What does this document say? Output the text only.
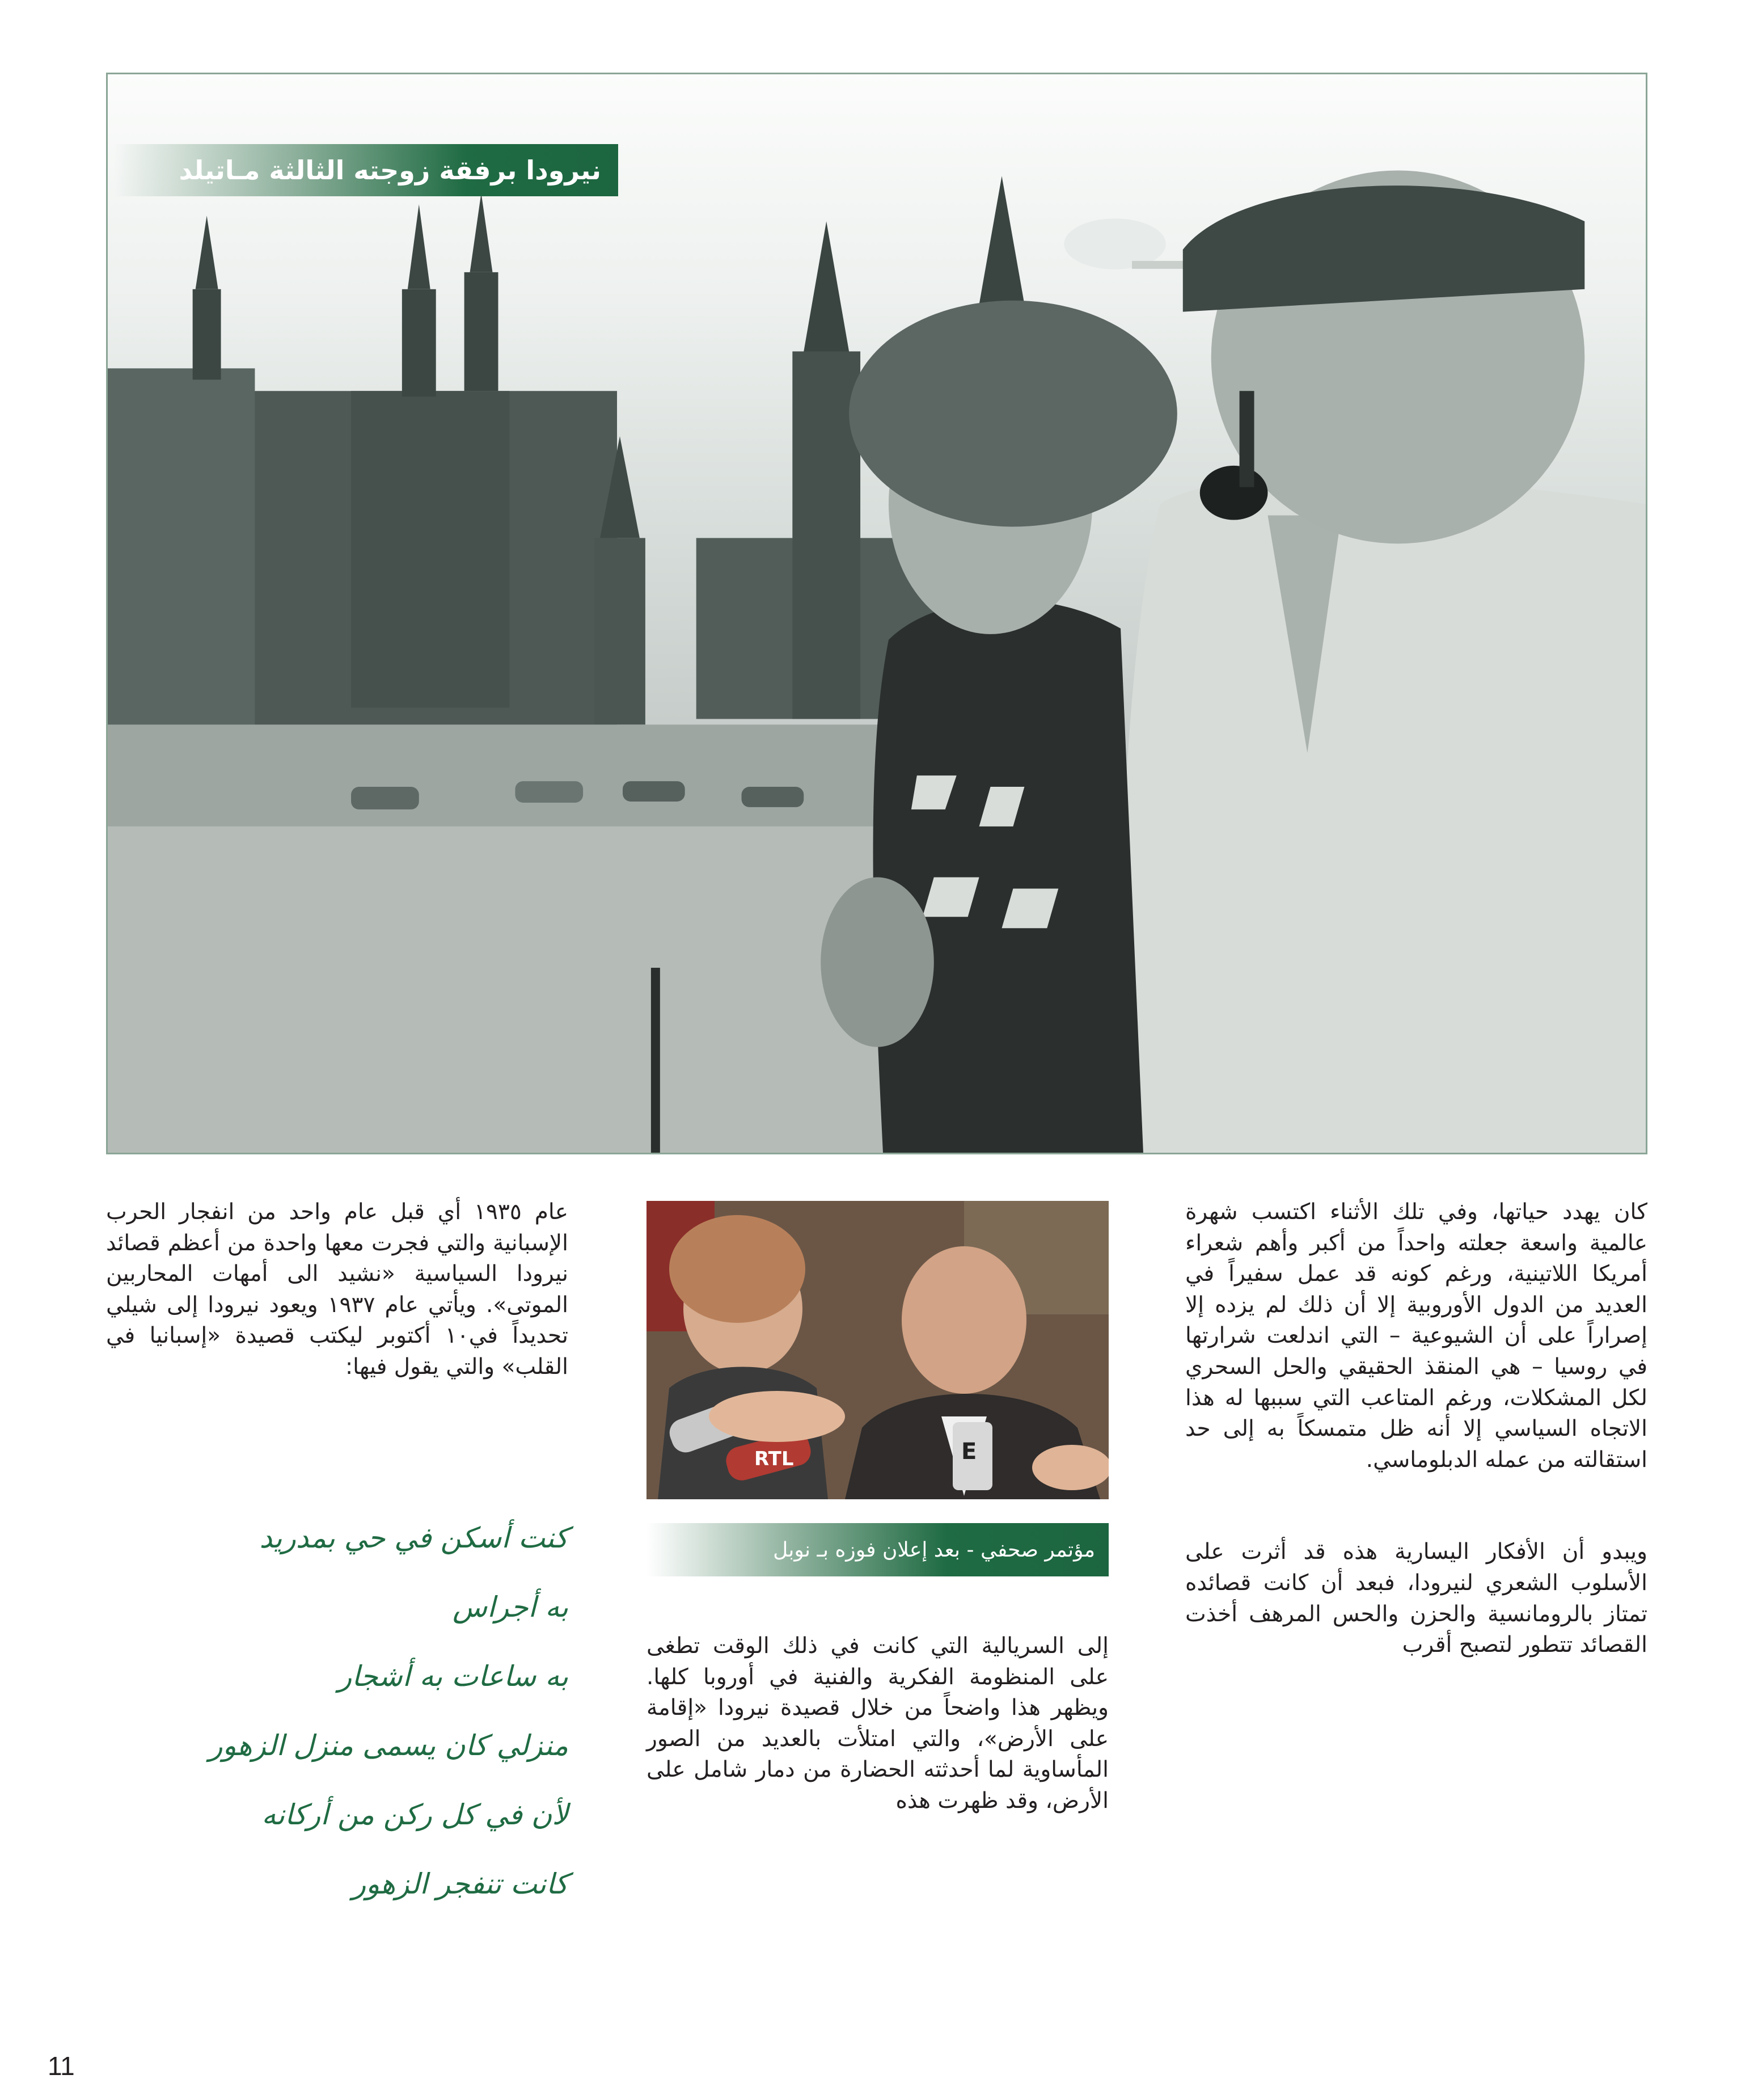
نيرودا برفقة زوجته الثالثة مـاتيلد

كان يهدد حياتها، وفي تلك الأثناء اكتسب شهرة عالمية واسعة جعلته واحداً من أكبر وأهم شعراء أمريكا اللاتينية، ورغم كونه قد عمل سفيراً في العديد من الدول الأوروبية إلا أن ذلك لم يزده إلا إصراراً على أن الشيوعية – التي اندلعت شرارتها في روسيا – هي المنقذ الحقيقي والحل السحري لكل المشكلات، ورغم المتاعب التي سببها له هذا الاتجاه السياسي إلا أنه ظل متمسكاً به إلى حد استقالته من عمله الدبلوماسي.

ويبدو أن الأفكار اليسارية هذه قد أثرت على الأسلوب الشعري لنيرودا، فبعد أن كانت قصائده تمتاز بالرومانسية والحزن والحس المرهف أخذت القصائد تتطور لتصبح أقرب

RTL	E
مؤتمر صحفي - بعد إعلان فوزه بـ نوبل

إلى السريالية التي كانت في ذلك الوقت تطغى على المنظومة الفكرية والفنية في أوروبا كلها. ويظهر هذا واضحاً من خلال قصيدة نيرودا «إقامة على الأرض»، والتي امتلأت بالعديد من الصور المأساوية لما أحدثته الحضارة من دمار شامل على الأرض، وقد ظهرت هذه

عام ١٩٣٥ أي قبل عام واحد من انفجار الحرب الإسبانية والتي فجرت معها واحدة من أعظم قصائد نيرودا السياسية «نشيد الى أمهات المحاربين الموتى». ويأتي عام ١٩٣٧ ويعود نيرودا إلى شيلي تحديداً في١٠ أكتوبر ليكتب قصيدة «إسبانيا في القلب» والتي يقول فيها:

كنت أسكن في حي بمدريد
به أجراس
به ساعات به أشجار
منزلي كان يسمى منزل الزهور
لأن في كل ركن من أركانه
كانت تنفجر الزهور
11
